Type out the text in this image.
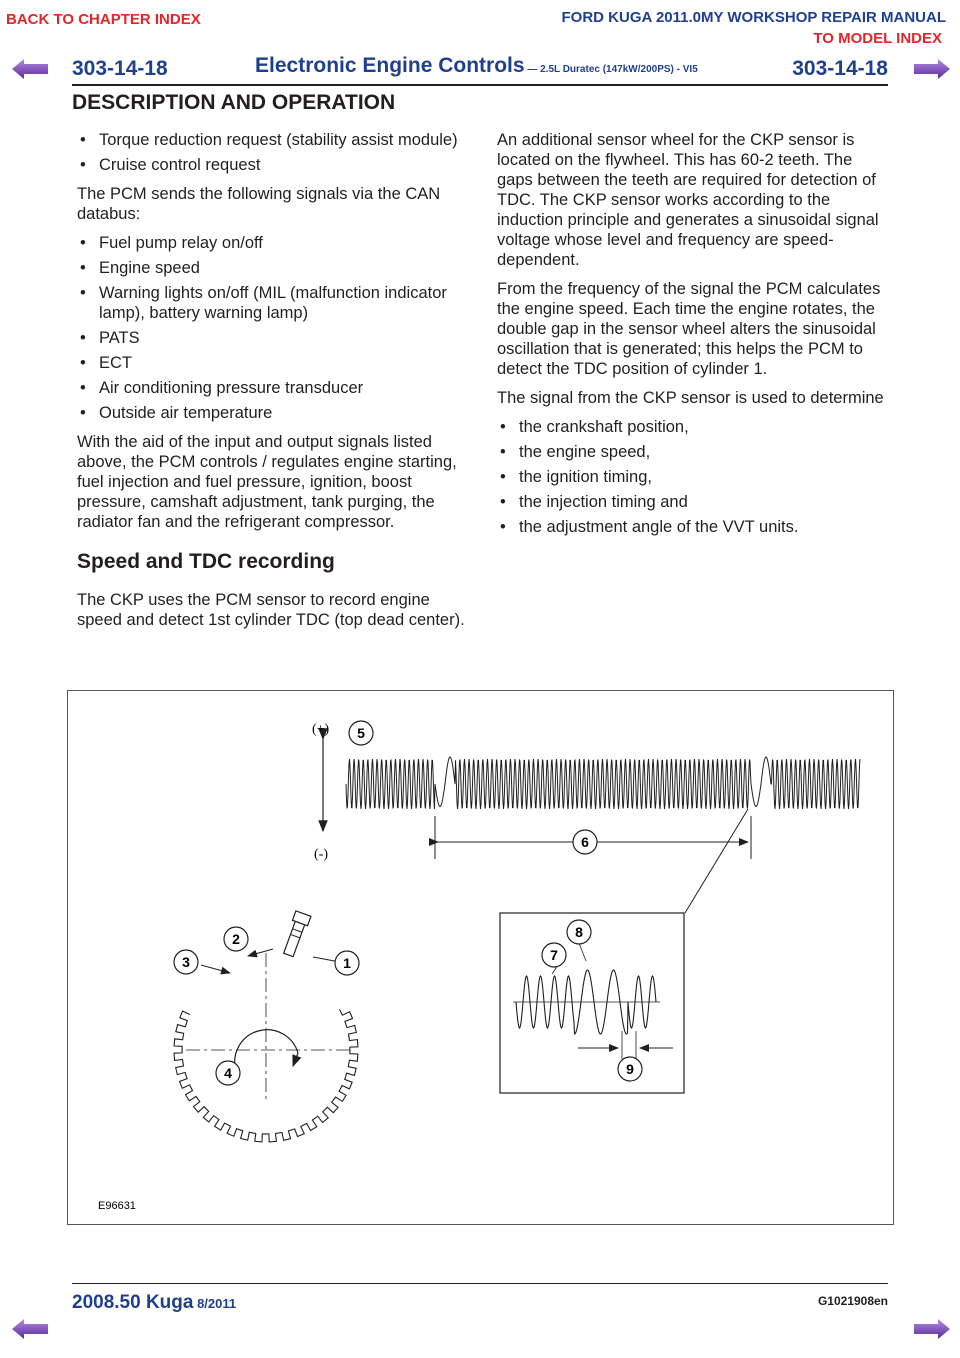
BACK TO CHAPTER INDEX	FORD KUGA 2011.0MY WORKSHOP REPAIR MANUAL
TO MODEL INDEX
303-14-18	Electronic Engine Controls — 2.5L Duratec (147kW/200PS) - VI5	303-14-18
DESCRIPTION AND OPERATION
• Torque reduction request (stability assist module)
• Cruise control request

The PCM sends the following signals via the CAN databus:

• Fuel pump relay on/off
• Engine speed
• Warning lights on/off (MIL (malfunction indicator lamp), battery warning lamp)
• PATS
• ECT
• Air conditioning pressure transducer
• Outside air temperature

With the aid of the input and output signals listed above, the PCM controls / regulates engine starting, fuel injection and fuel pressure, ignition, boost pressure, camshaft adjustment, tank purging, the radiator fan and the refrigerant compressor.

Speed and TDC recording

The CKP uses the PCM sensor to record engine speed and detect 1st cylinder TDC (top dead center).

An additional sensor wheel for the CKP sensor is located on the flywheel. This has 60-2 teeth. The gaps between the teeth are required for detection of TDC. The CKP sensor works according to the induction principle and generates a sinusoidal signal voltage whose level and frequency are speed-dependent.

From the frequency of the signal the PCM calculates the engine speed. Each time the engine rotates, the double gap in the sensor wheel alters the sinusoidal oscillation that is generated; this helps the PCM to detect the TDC position of cylinder 1.

The signal from the CKP sensor is used to determine

• the crankshaft position,
• the engine speed,
• the ignition timing,
• the injection timing and
• the adjustment angle of the VVT units.
(+)
(-)
1
2
3
4
5
6
7
8
9
E96631
2008.50 Kuga 8/2011	G1021908en
